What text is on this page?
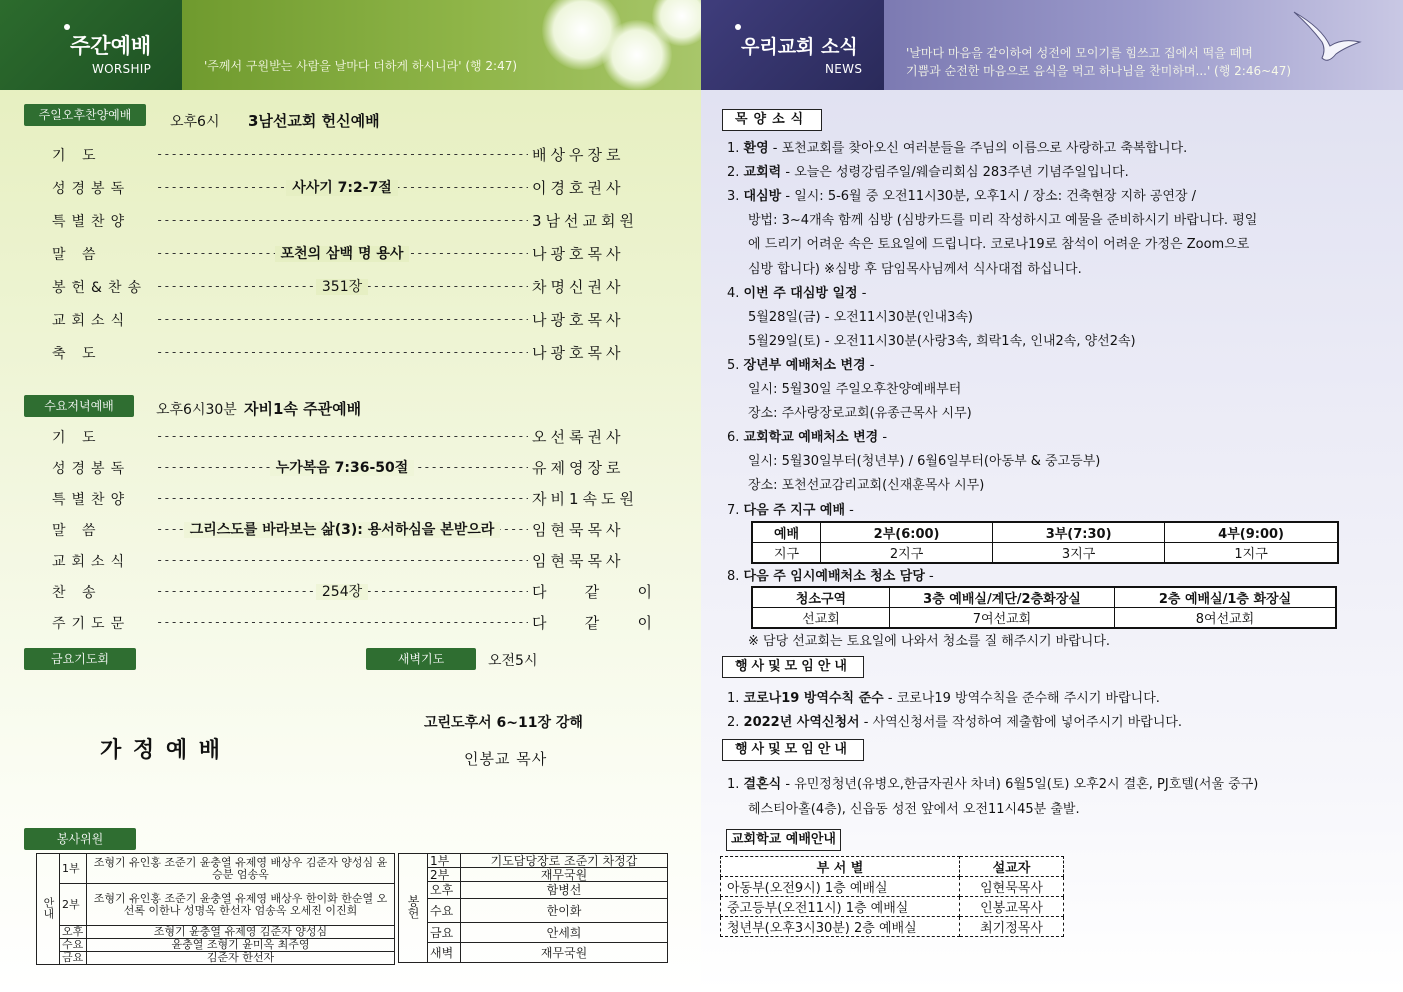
주간예배
WORSHIP	'주께서 구원받는 사람을 날마다 더하게 하시니라' (행 2:47)
주일오후찬양예배	오후6시 3남선교회 헌신예배
기 도 -----	배상우장로
성경봉독 -----	사사기 7:2-7절	이경호권사
특별찬양 -----	3남선교회원
말 씀 -----	포천의 삼백 명 용사	나광호목사
봉헌&찬송 -----	351장	차명신권사
교회소식 -----	나광호목사
축 도 -----	나광호목사
수요저녁예배	오후6시30분 자비1속 주관예배
기 도 -----	오선록권사
성경봉독 -----	누가복음 7:36-50절	유제영장로
특별찬양 -----	자비1속도원
말 씀 -----	그리스도를 바라보는 삶(3): 용서하심을 본받으라	임현묵목사
교회소식 -----	임현묵목사
찬 송 -----	254장	다 같 이
주기도문 -----	다 같 이
금요기도회	새벽기도	오전5시
가 정 예 배
고린도후서 6~11장 강해
인봉교 목사
봉사위원
안내	1부	조형기 유인홍 조준기 윤충열 유제영 배상우 김준자 양성심 윤승분 엄송옥
	2부	조형기 유인홍 조준기 윤충열 유제영 배상우 한이화 한순열 오선록 이한나 성명옥 한선자 엄송옥 오세진 이진희
	오후	조형기 윤충열 유제영 김준자 양성심
	수요	윤충열 조형기 윤미옥 최주영
	금요	김준자 한선자
봉헌	1부	기도담당장로 조준기 차정갑
	2부	재무국원
	오후	함병선
	수요	한이화
	금요	안세희
	새벽	재무국원
우리교회 소식
NEWS
'날마다 마음을 같이하여 성전에 모이기를 힘쓰고 집에서 떡을 떼며
기쁨과 순전한 마음으로 음식을 먹고 하나님을 찬미하며...' (행 2:46~47)
목양소식
1. 환영 - 포천교회를 찾아오신 여러분들을 주님의 이름으로 사랑하고 축복합니다.
2. 교회력 - 오늘은 성령강림주일/웨슬리회심 283주년 기념주일입니다.
3. 대심방 - 일시: 5-6월 중 오전11시30분, 오후1시 / 장소: 건축현장 지하 공연장 /
방법: 3~4개속 함께 심방 (심방카드를 미리 작성하시고 예물을 준비하시기 바랍니다. 평일
에 드리기 어려운 속은 토요일에 드립니다. 코로나19로 참석이 어려운 가정은 Zoom으로
심방 합니다) ※심방 후 담임목사님께서 식사대접 하십니다.
4. 이번 주 대심방 일정 -
5월28일(금) - 오전11시30분(인내3속)
5월29일(토) - 오전11시30분(사랑3속, 희락1속, 인내2속, 양선2속)
5. 장년부 예배처소 변경 -
일시: 5월30일 주일오후찬양예배부터
장소: 주사랑장로교회(유종근목사 시무)
6. 교회학교 예배처소 변경 -
일시: 5월30일부터(청년부) / 6월6일부터(아동부 & 중고등부)
장소: 포천선교감리교회(신재훈목사 시무)
7. 다음 주 지구 예배 -
예배	2부(6:00)	3부(7:30)	4부(9:00)
지구	2지구	3지구	1지구
8. 다음 주 임시예배처소 청소 담당 -
청소구역	3층 예배실/계단/2층화장실	2층 예배실/1층 화장실
선교회	7여선교회	8여선교회
※ 담당 선교회는 토요일에 나와서 청소를 질 해주시기 바랍니다.
행사및모임안내
1. 코로나19 방역수칙 준수 - 코로나19 방역수칙을 준수해 주시기 바랍니다.
2. 2022년 사역신청서 - 사역신청서를 작성하여 제출함에 넣어주시기 바랍니다.
행사및모임안내
1. 결혼식 - 유민정청년(유병오,한금자권사 차녀) 6월5일(토) 오후2시 결혼, PJ호텔(서울 중구)
헤스티아홀(4층), 신읍동 성전 앞에서 오전11시45분 출발.
교회학교 예배안내
부 서 별	설교자
아동부(오전9시) 1층 예배실	임현묵목사
중고등부(오전11시) 1층 예배실	인봉교목사
청년부(오후3시30분) 2층 예배실	최기정목사
